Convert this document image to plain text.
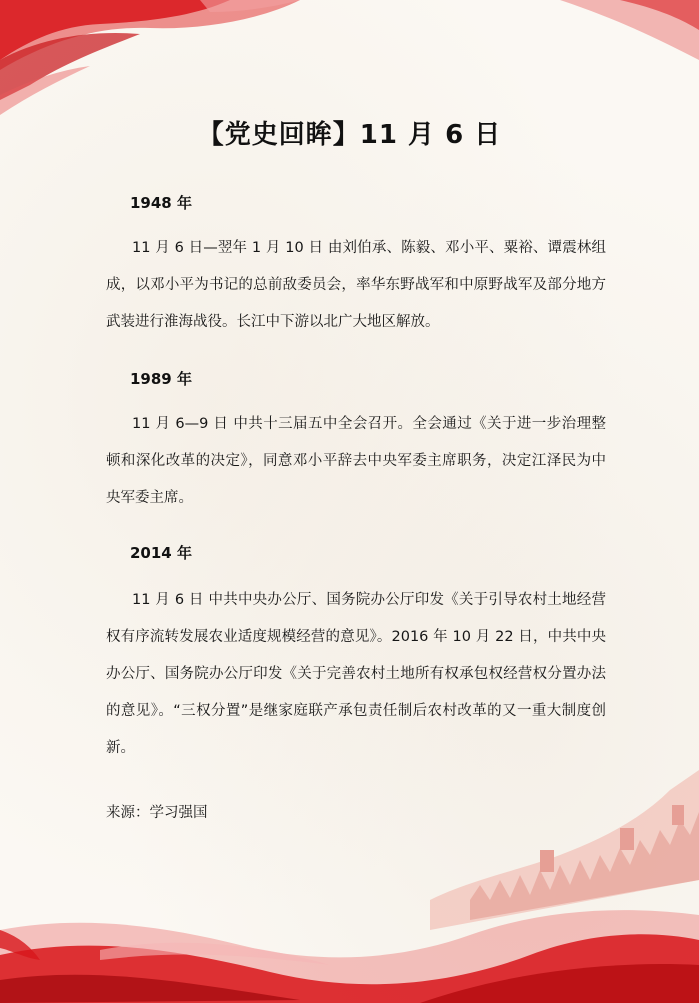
【党史回眸】11 月 6 日
1948 年
11 月 6 日—翌年 1 月 10 日 由刘伯承、陈毅、邓小平、粟裕、谭震林组成，以邓小平为书记的总前敌委员会，率华东野战军和中原野战军及部分地方武装进行淮海战役。长江中下游以北广大地区解放。
1989 年
11 月 6—9 日 中共十三届五中全会召开。全会通过《关于进一步治理整顿和深化改革的决定》，同意邓小平辞去中央军委主席职务，决定江泽民为中央军委主席。
2014 年
11 月 6 日 中共中央办公厅、国务院办公厅印发《关于引导农村土地经营权有序流转发展农业适度规模经营的意见》。2016 年 10 月 22 日，中共中央办公厅、国务院办公厅印发《关于完善农村土地所有权承包权经营权分置办法的意见》。“三权分置”是继家庭联产承包责任制后农村改革的又一重大制度创新。
来源：学习强国
